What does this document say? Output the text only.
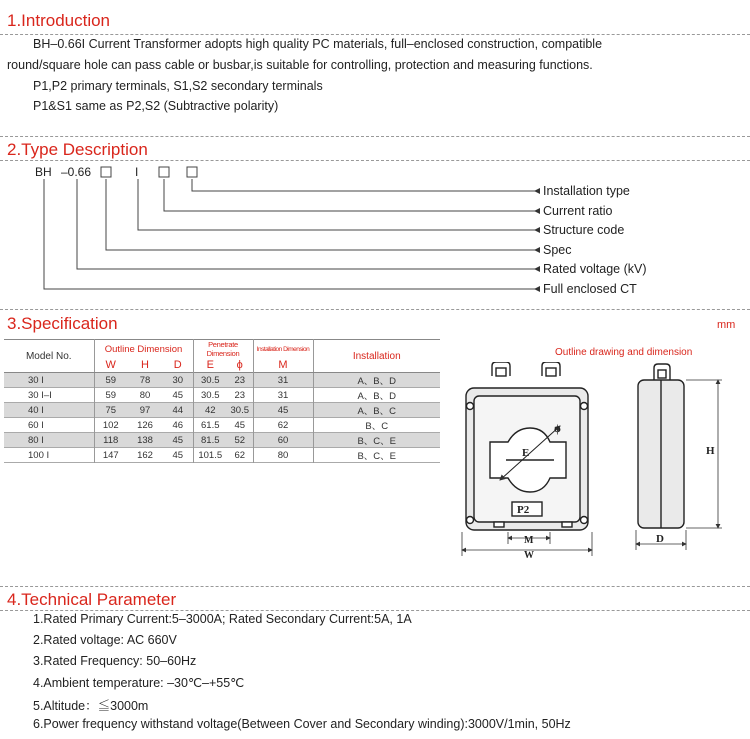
1.Introduction
BH–0.66I Current Transformer adopts high quality PC materials, full–enclosed construction, compatible
round/square hole can pass cable or busbar,is suitable for controlling, protection and measuring functions.
P1,P2 primary terminals, S1,S2 secondary terminals
P1&S1 same as P2,S2 (Subtractive polarity)
2.Type Description
BH –0.66	I
Installation type
Current ratio
Structure code
Spec
Rated voltage (kV)
Full enclosed CT
3.Specification	mm
Model No.	Outline Dimension			Penetrate Dimension		Installation Dimension	Installation
	W	H	D	E	ϕ	M	
30 I	59	78	30	30.5	23	31	A、B、D
30 I–I	59	80	45	30.5	23	31	A、B、D
40 I	75	97	44	42	30.5	45	A、B、C
60 I	102	126	46	61.5	45	62	B、C
80 I	118	138	45	81.5	52	60	B、C、E
100 I	147	162	45	101.5	62	80	B、C、E
Outline drawing and dimension
E
ϕ
P2
M
W
H
D
4.Technical Parameter
1.Rated Primary Current:5–3000A; Rated Secondary Current:5A, 1A
2.Rated voltage: AC 660V
3.Rated Frequency: 50–60Hz
4.Ambient temperature: –30℃–+55℃
5.Altitude：≦3000m
6.Power frequency withstand voltage(Between Cover and Secondary winding):3000V/1min, 50Hz
